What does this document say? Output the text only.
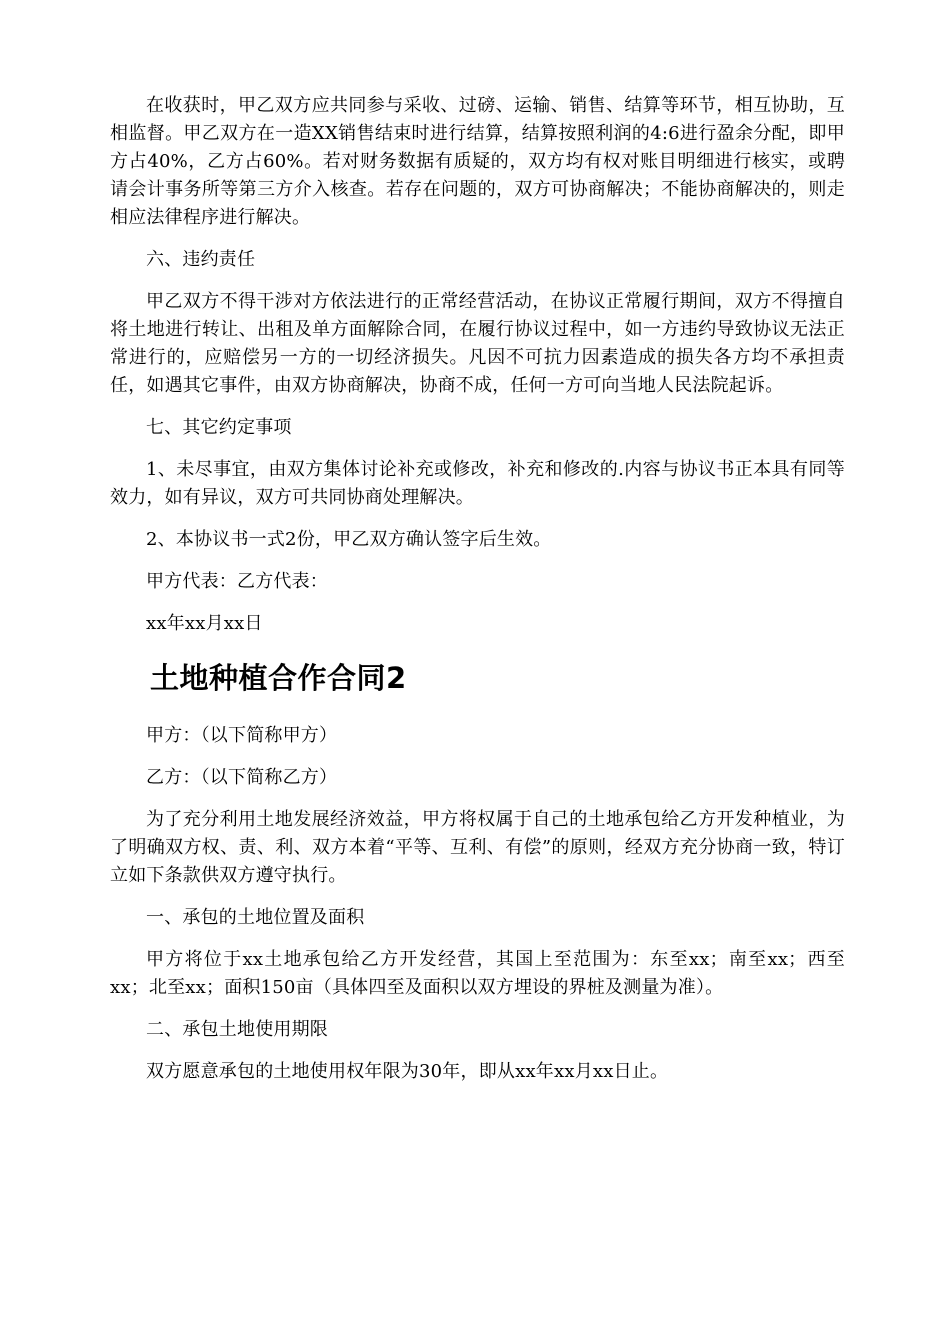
在收获时，甲乙双方应共同参与采收、过磅、运输、销售、结算等环节，相互协助，互相监督。甲乙双方在一造XX销售结束时进行结算，结算按照利润的4:6进行盈余分配，即甲方占40%，乙方占60%。若对财务数据有质疑的，双方均有权对账目明细进行核实，或聘请会计事务所等第三方介入核查。若存在问题的，双方可协商解决；不能协商解决的，则走相应法律程序进行解决。

六、违约责任

甲乙双方不得干涉对方依法进行的正常经营活动，在协议正常履行期间，双方不得擅自将土地进行转让、出租及单方面解除合同，在履行协议过程中，如一方违约导致协议无法正常进行的，应赔偿另一方的一切经济损失。凡因不可抗力因素造成的损失各方均不承担责任，如遇其它事件，由双方协商解决，协商不成，任何一方可向当地人民法院起诉。

七、其它约定事项

1、未尽事宜，由双方集体讨论补充或修改，补充和修改的.内容与协议书正本具有同等效力，如有异议，双方可共同协商处理解决。

2、本协议书一式2份，甲乙双方确认签字后生效。

甲方代表：乙方代表：

xx年xx月xx日

土地种植合作合同2

甲方：（以下简称甲方）

乙方：（以下简称乙方）

为了充分利用土地发展经济效益，甲方将权属于自己的土地承包给乙方开发种植业，为了明确双方权、责、利、双方本着“平等、互利、有偿”的原则，经双方充分协商一致，特订立如下条款供双方遵守执行。

一、承包的土地位置及面积

甲方将位于xx土地承包给乙方开发经营，其国上至范围为：东至xx；南至xx；西至xx；北至xx；面积150亩（具体四至及面积以双方埋设的界桩及测量为准）。

二、承包土地使用期限

双方愿意承包的土地使用权年限为30年，即从xx年xx月xx日止。
